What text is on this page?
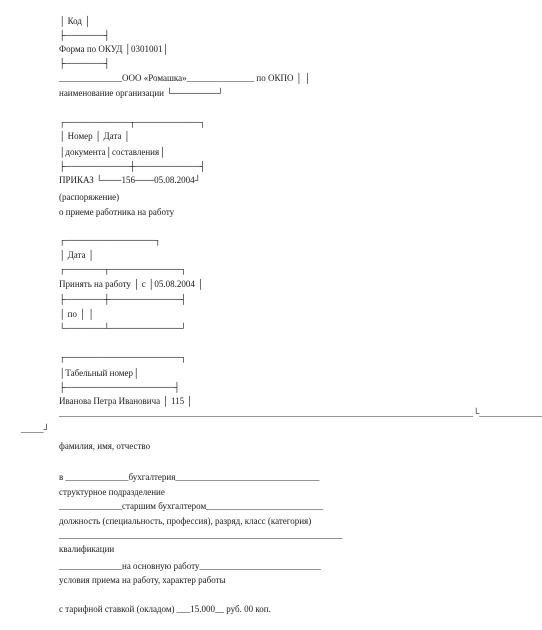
│ Код │
├──────┤
Форма по ОКУД │0301001│
├──────┤
______________ООО «Ромашка»_______________ по ОКПО │ │
наименование организации └───────┘
┌──────────┬──────────┐
│ Номер │ Дата │
│документа│составления│
├──────────┼──────────┤
ПРИКАЗ └───156───05.08.2004┘
(распоряжение)
о приеме работника на работу
┌──────────────┐
│ Дата │
┌──────┬───────────┐
Принять на работу │ с │05.08.2004 │
├──────┼───────────┤
│ по │ │
└──────┴───────────┘
┌──────────────────┐
│Табельный номер│
├─────────────────┤
Иванова Петра Ивановича │ 115 │
____________________________________________________________________________________________└______________
_____┘
фамилия, имя, отчество
в ______________бухгалтерия________________________________
структурное подразделение
______________старшим бухгалтером__________________________
должность (специальность, профессия), разряд, класс (категория)
_______________________________________________________________
квалификации
______________на основную работу___________________________
условия приема на работу, характер работы
с тарифной ставкой (окладом) ___15.000__ руб. 00 коп.
